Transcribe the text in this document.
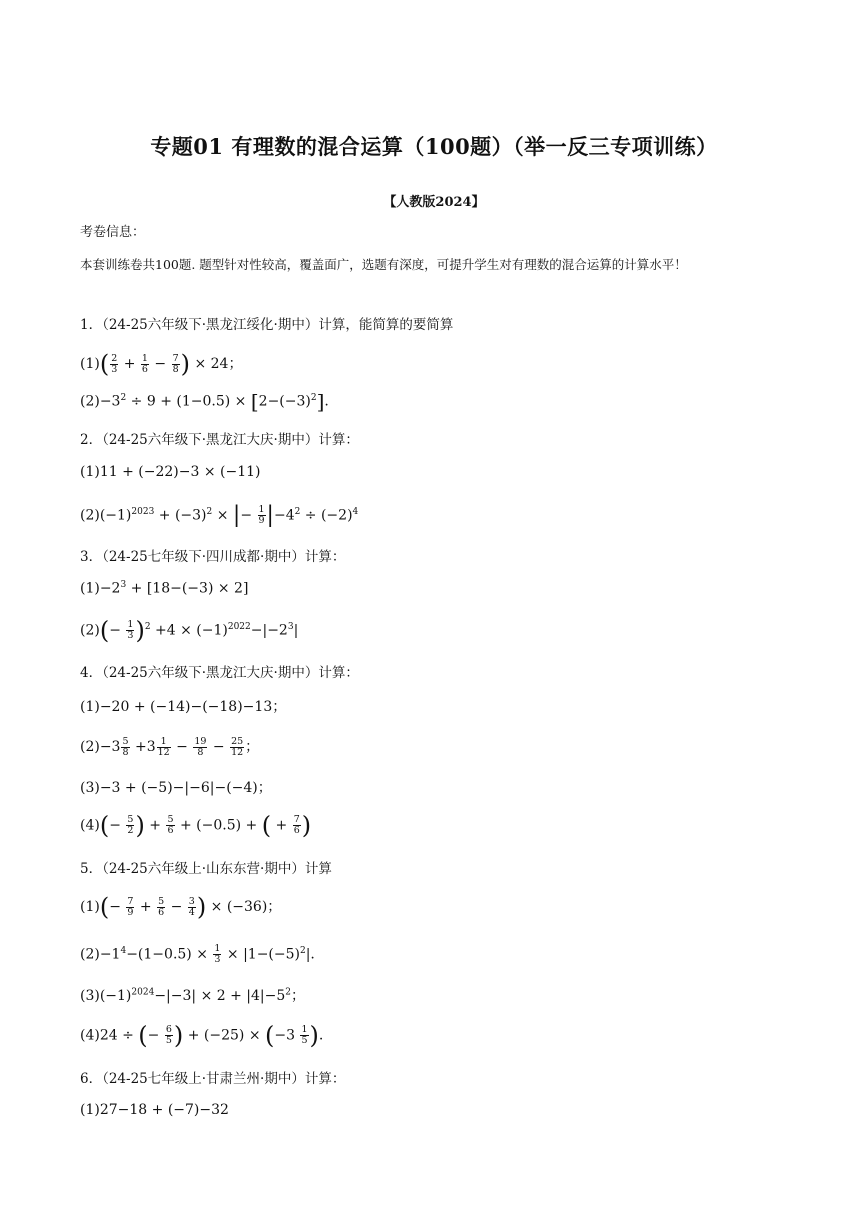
专题01 有理数的混合运算（100题）（举一反三专项训练）
【人教版2024】
考卷信息：
本套训练卷共100题. 题型针对性较高，覆盖面广，选题有深度，可提升学生对有理数的混合运算的计算水平！
1．（24-25六年级下·黑龙江绥化·期中）计算，能简算的要简算
$(1)( \frac{2}{3} + \frac{1}{6} - \frac{7}{8}$ ) × 24；
$(2)-3^2 \div 9 + (1-0.5) \times [2-(-3)^2]$.
2．（24-25六年级下·黑龙江大庆·期中）计算：
(1)11 + (−22)−3 × (−11)
$(2)(-1)^{2023} + (-3)^2$ × |− $\frac{1}{9} |-4^2 \div (-2)^4$
3．（24-25七年级下·四川成都·期中）计算：
$(1)-2^3 + [18-(-3) \times 2]$
$(2)(- \frac{1}{3} )^2 +4 \times (-1)^{2022}-|-2^3|$
4．（24-25六年级下·黑龙江大庆·期中）计算：
(1)−20 + (−14)−(−18)−13；
$(2)-3 \frac{5}{8} +3 \frac{1}{12} - \frac{19}{8} - \frac{25}{12}$ ；
(3)−3 + (−5)−|−6|−(−4)；
$(4)(- \frac{5}{2}$ ) + $\frac{5}{6} + (-0.5)$ + ( + $\frac{7}{6}$ )
5．（24-25六年级上·山东东营·期中）计算
$(1)(- \frac{7}{9} + \frac{5}{6} - \frac{3}{4}$ ) × (−36)；
$(2)-1^4-(1-0.5) \times \frac{1}{3} \times |1-(-5)^2|$.
$(3)(-1)^{2024}-|-3| \times 2 + |4|-5^2$；
(4)24 ÷ (− $\frac{6}{5}$ ) + $(-25) \times (-3 \frac{1}{5}$ ).
6．（24-25七年级上·甘肃兰州·期中）计算：
(1)27−18 + (−7)−32
